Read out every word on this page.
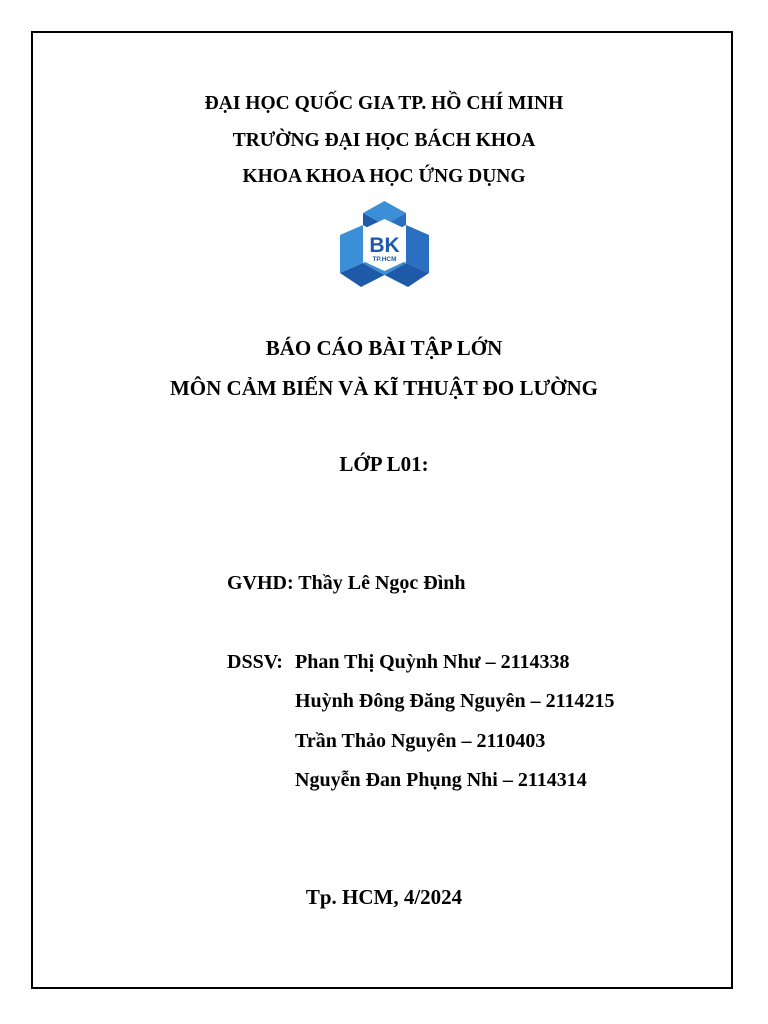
ĐẠI HỌC QUỐC GIA TP. HỒ CHÍ MINH
TRƯỜNG ĐẠI HỌC BÁCH KHOA
KHOA KHOA HỌC ỨNG DỤNG
BK
TP.HCM
BÁO CÁO BÀI TẬP LỚN
MÔN CẢM BIẾN VÀ KĨ THUẬT ĐO LƯỜNG
LỚP L01:
GVHD: Thầy Lê Ngọc Đình
DSSV: Phan Thị Quỳnh Như – 2114338
Huỳnh Đông Đăng Nguyên – 2114215
Trần Thảo Nguyên – 2110403
Nguyễn Đan Phụng Nhi – 2114314
Tp. HCM, 4/2024
